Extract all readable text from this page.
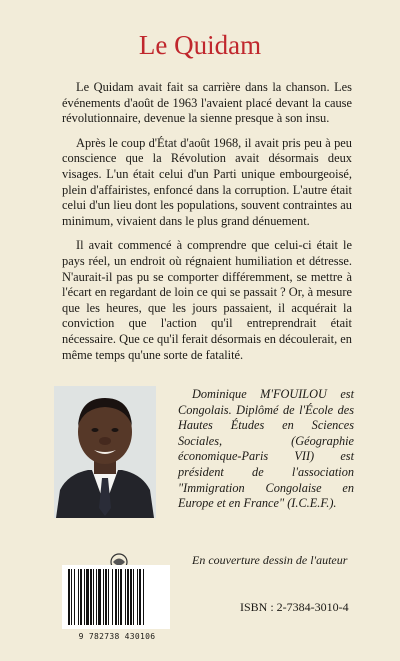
Le Quidam

Le Quidam avait fait sa carrière dans la chanson. Les événements d'août de 1963 l'avaient placé devant la cause révolutionnaire, devenue la sienne presque à son insu.

Après le coup d'État d'août 1968, il avait pris peu à peu conscience que la Révolution avait désormais deux visages. L'un était celui d'un Parti unique embourgeoisé, plein d'affairistes, enfoncé dans la corruption. L'autre était celui d'un lieu dont les populations, souvent contraintes au minimum, vivaient dans le plus grand dénuement.

Il avait commencé à comprendre que celui-ci était le pays réel, un endroit où régnaient humiliation et détresse. N'aurait-il pas pu se comporter différemment, se mettre à l'écart en regardant de loin ce qui se passait ? Or, à mesure que les heures, que les jours passaient, il acquérait la conviction que l'action qu'il entreprendrait était nécessaire. Que ce qu'il ferait désormais en découlerait, en même temps qu'une sorte de fatalité.

Dominique M'FOUILOU est Congolais. Diplômé de l'École des Hautes Études en Sciences Sociales, (Géographie économique-Paris VII) est président de l'association "Immigration Congolaise en Europe et en France" (I.C.E.F.).
En couverture dessin de l'auteur
9 782738 430106
ISBN : 2-7384-3010-4
